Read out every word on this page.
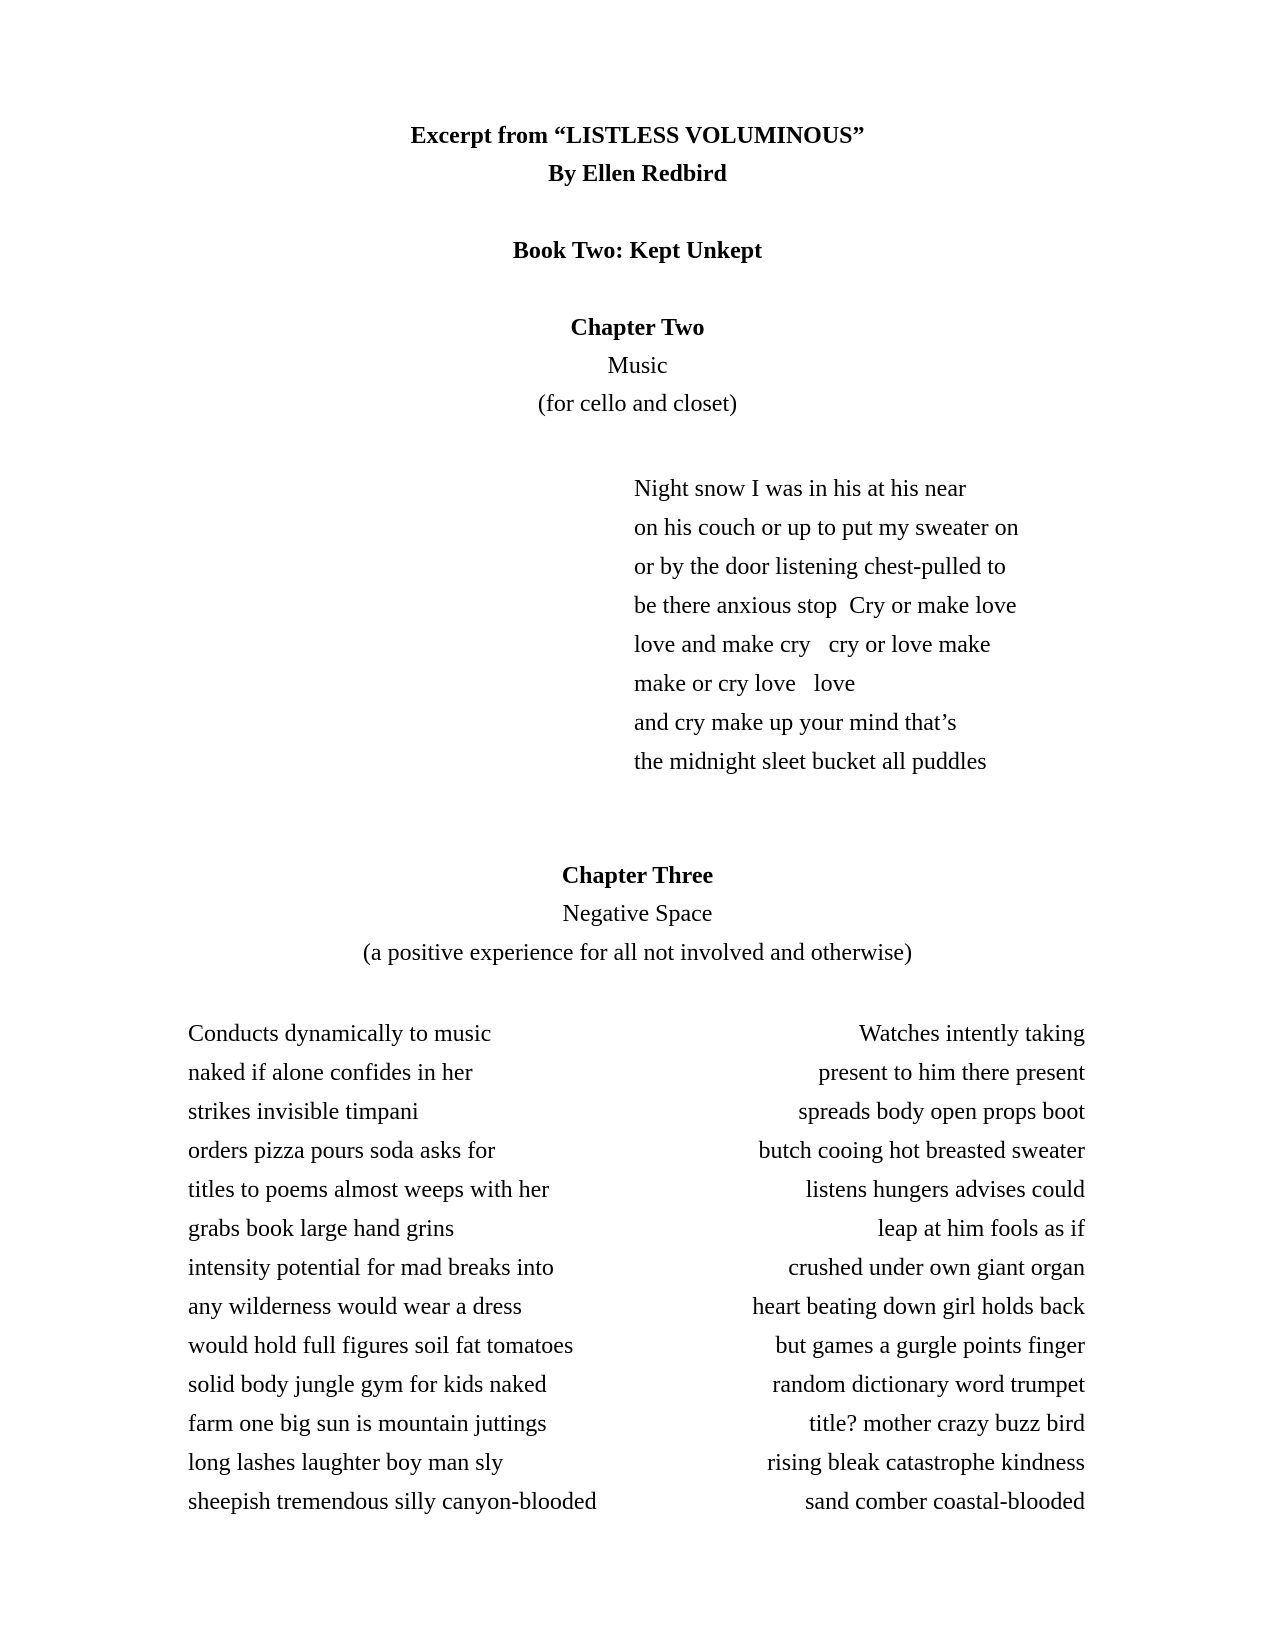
Excerpt from “LISTLESS VOLUMINOUS”
By Ellen Redbird
Book Two: Kept Unkept
Chapter Two
Music
(for cello and closet)
Night snow I was in his at his near
on his couch or up to put my sweater on
or by the door listening chest-pulled to
be there anxious stop  Cry or make love
love and make cry   cry or love make
make or cry love   love
and cry make up your mind that’s
the midnight sleet bucket all puddles
Chapter Three
Negative Space
(a positive experience for all not involved and otherwise)
Conducts dynamically to music
naked if alone confides in her
strikes invisible timpani
orders pizza pours soda asks for
titles to poems almost weeps with her
grabs book large hand grins
intensity potential for mad breaks into
any wilderness would wear a dress
would hold full figures soil fat tomatoes
solid body jungle gym for kids naked
farm one big sun is mountain juttings
long lashes laughter boy man sly
sheepish tremendous silly canyon-blooded
Watches intently taking
present to him there present
spreads body open props boot
butch cooing hot breasted sweater
listens hungers advises could
leap at him fools as if
crushed under own giant organ
heart beating down girl holds back
but games a gurgle points finger
random dictionary word trumpet
title? mother crazy buzz bird
rising bleak catastrophe kindness
sand comber coastal-blooded
